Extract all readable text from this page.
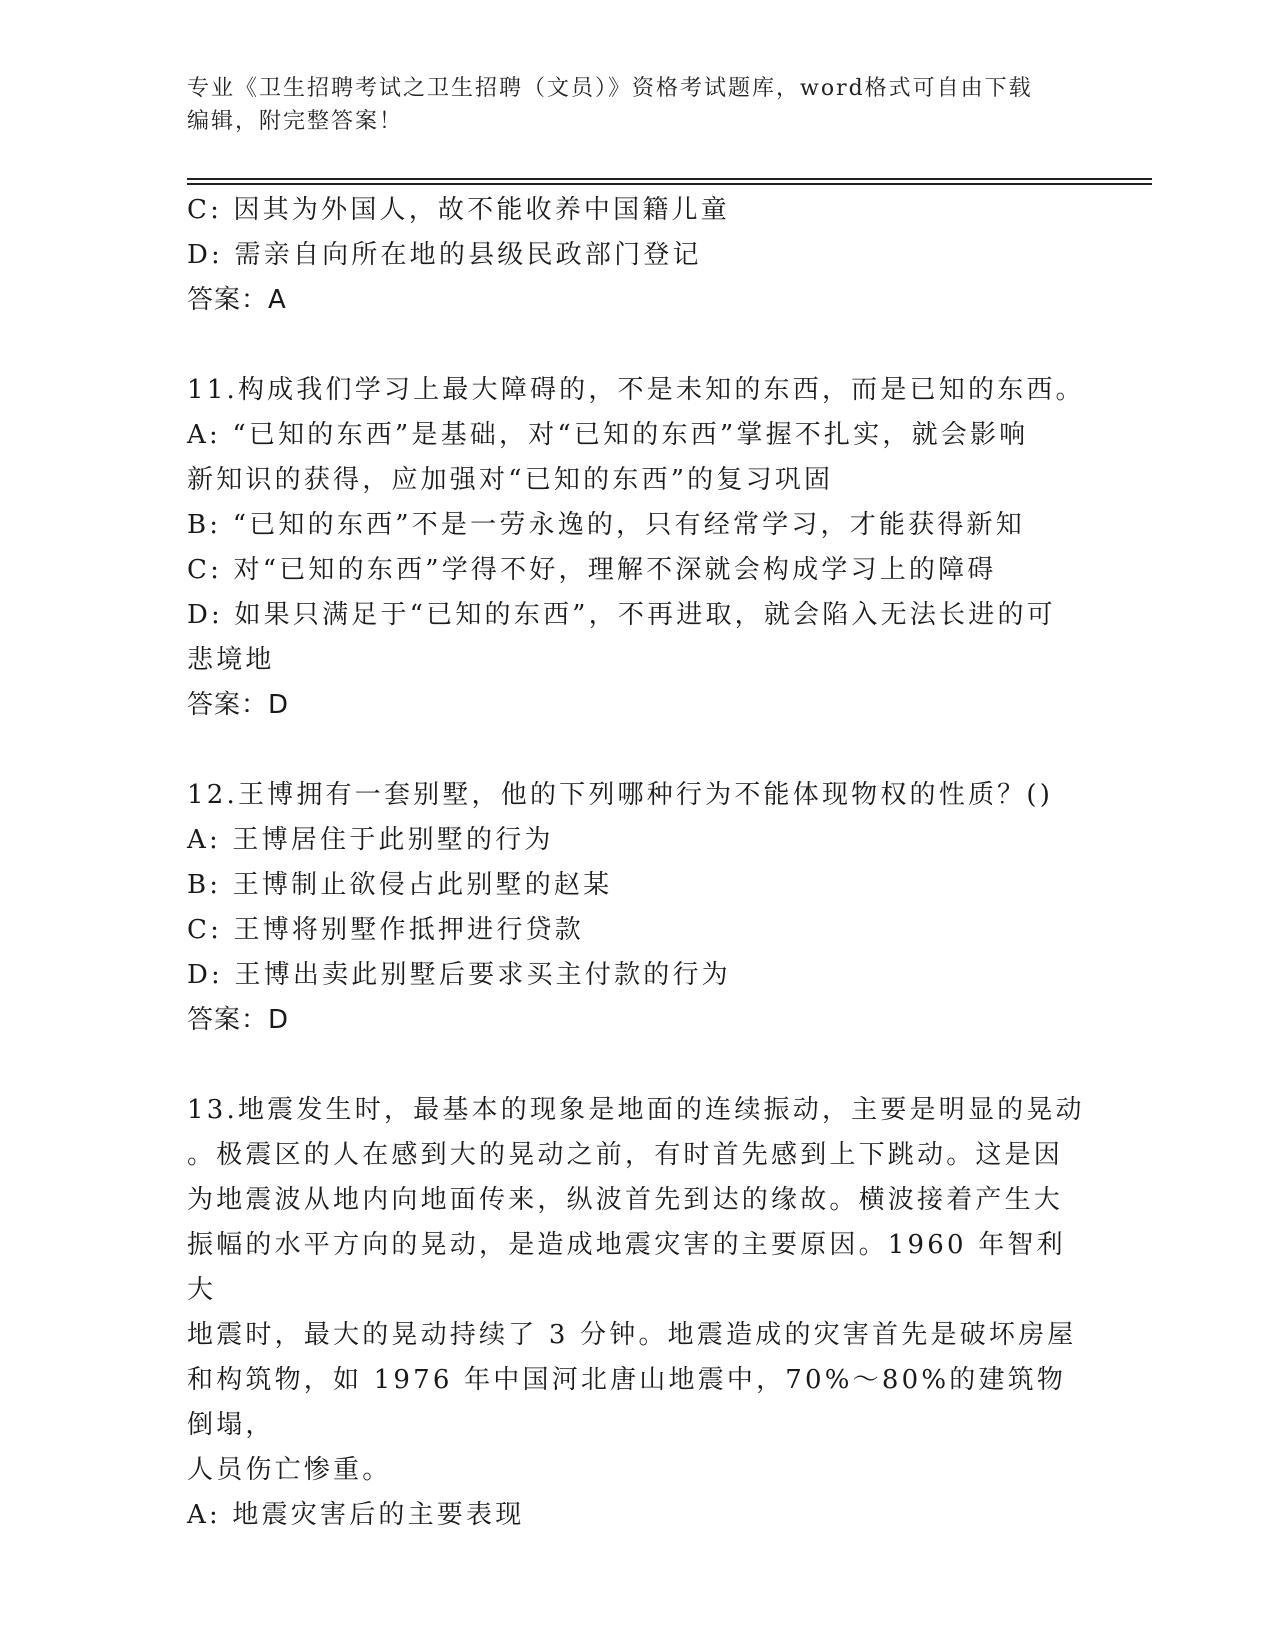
专业《卫生招聘考试之卫生招聘（文员）》资格考试题库，word格式可自由下载
编辑，附完整答案！

C: 因其为外国人，故不能收养中国籍儿童

D: 需亲自向所在地的县级民政部门登记

答案：A

11.构成我们学习上最大障碍的，不是未知的东西，而是已知的东西。

A: “已知的东西”是基础，对“已知的东西”掌握不扎实，就会影响

新知识的获得，应加强对“已知的东西”的复习巩固

B: “已知的东西”不是一劳永逸的，只有经常学习，才能获得新知

C: 对“已知的东西”学得不好，理解不深就会构成学习上的障碍

D: 如果只满足于“已知的东西”，不再进取，就会陷入无法长进的可

悲境地

答案：D

12.王博拥有一套别墅，他的下列哪种行为不能体现物权的性质？()

A: 王博居住于此别墅的行为

B: 王博制止欲侵占此别墅的赵某

C: 王博将别墅作抵押进行贷款

D: 王博出卖此别墅后要求买主付款的行为

答案：D

13.地震发生时，最基本的现象是地面的连续振动，主要是明显的晃动

。极震区的人在感到大的晃动之前，有时首先感到上下跳动。这是因

为地震波从地内向地面传来，纵波首先到达的缘故。横波接着产生大

振幅的水平方向的晃动，是造成地震灾害的主要原因。1960 年智利大

地震时，最大的晃动持续了 3 分钟。地震造成的灾害首先是破坏房屋

和构筑物，如 1976 年中国河北唐山地震中，70%～80%的建筑物倒塌，

人员伤亡惨重。

A: 地震灾害后的主要表现
